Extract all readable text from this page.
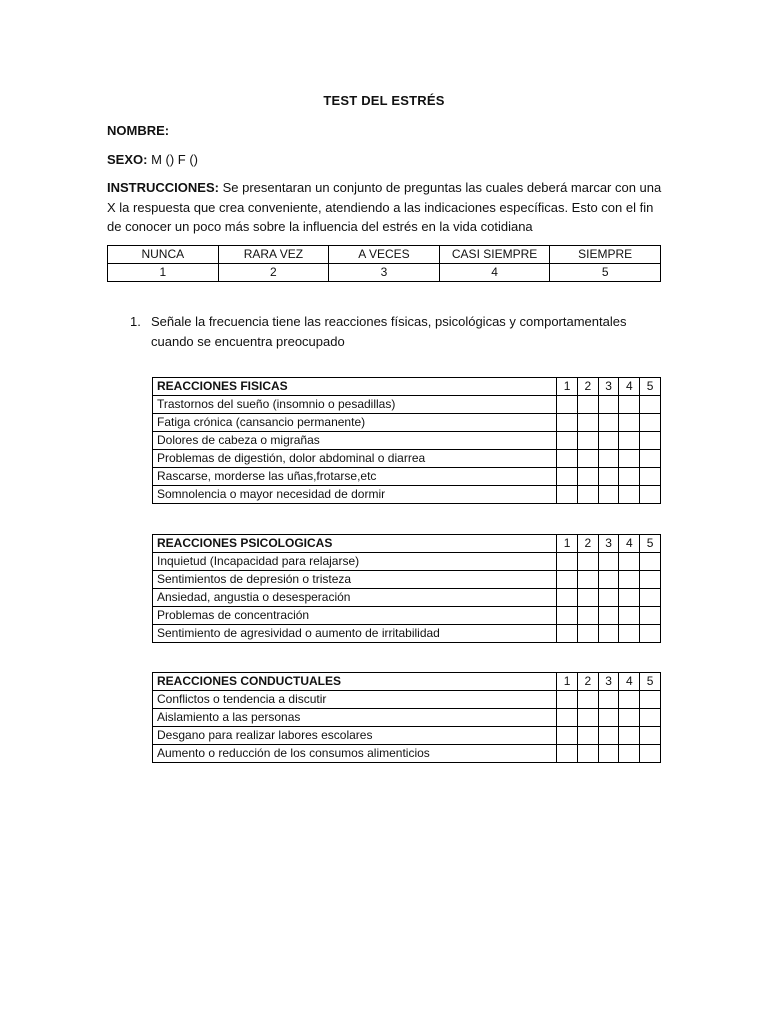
TEST DEL ESTRÉS
NOMBRE:
SEXO: M () F ()
INSTRUCCIONES: Se presentaran un conjunto de preguntas las cuales deberá marcar con una X la respuesta que crea conveniente, atendiendo a las indicaciones específicas. Esto con el fin de conocer un poco más sobre la influencia del estrés en la vida cotidiana
NUNCA	RARA VEZ	A VECES	CASI SIEMPRE	SIEMPRE
1	2	3	4	5
1. Señale la frecuencia tiene las reacciones físicas, psicológicas y comportamentales cuando se encuentra preocupado
REACCIONES FISICAS	1	2	3	4	5
Trastornos del sueño (insomnio o pesadillas)					
Fatiga crónica (cansancio permanente)					
Dolores de cabeza o migrañas					
Problemas de digestión, dolor abdominal o diarrea					
Rascarse, morderse las uñas,frotarse,etc					
Somnolencia o mayor necesidad de dormir					
REACCIONES PSICOLOGICAS	1	2	3	4	5
Inquietud (Incapacidad para relajarse)					
Sentimientos de depresión o tristeza					
Ansiedad, angustia o desesperación					
Problemas de concentración					
Sentimiento de agresividad o aumento de irritabilidad					
REACCIONES CONDUCTUALES	1	2	3	4	5
Conflictos o tendencia a discutir					
Aislamiento a las personas					
Desgano para realizar labores escolares					
Aumento o reducción de los consumos alimenticios					
